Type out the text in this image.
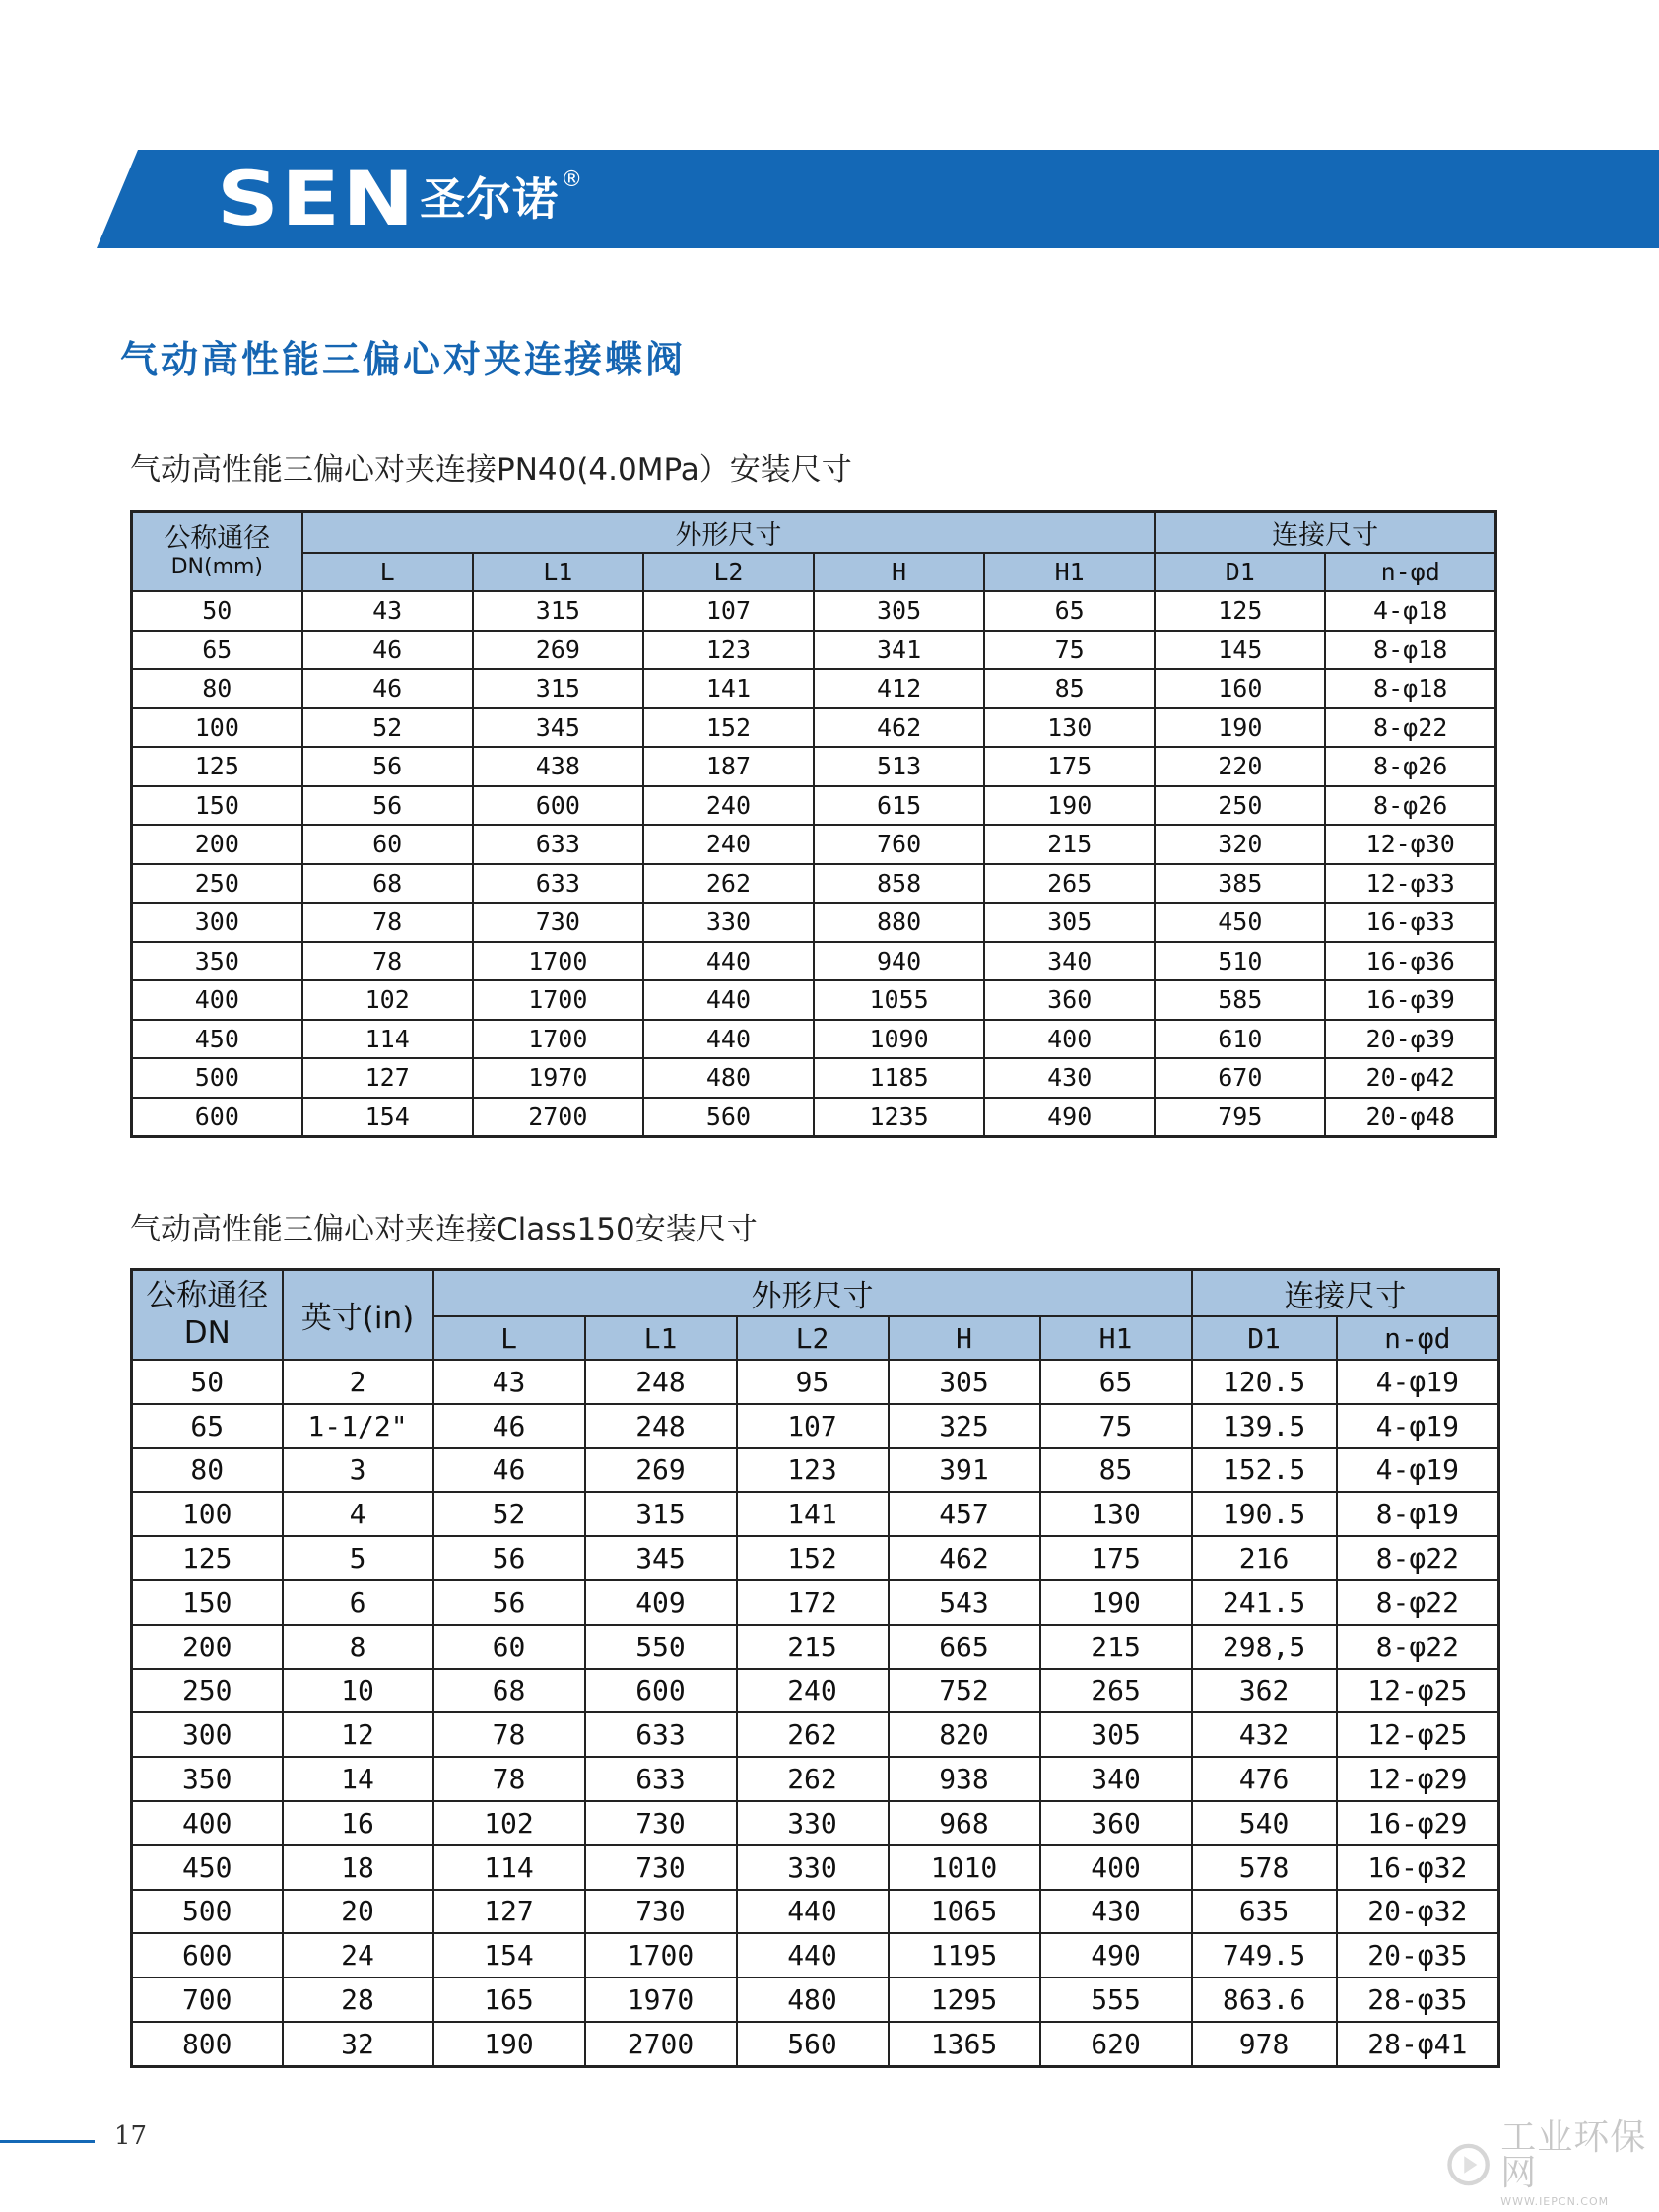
SEN 圣尔诺 ®
气动高性能三偏心对夹连接蝶阀

气动高性能三偏心对夹连接PN40(4.0MPa）安装尺寸

公称通径
DN(mm)	外形尺寸					连接尺寸	
	L	L1	L2	H	H1	D1	n-φd
50	43	315	107	305	65	125	4-φ18
65	46	269	123	341	75	145	8-φ18
80	46	315	141	412	85	160	8-φ18
100	52	345	152	462	130	190	8-φ22
125	56	438	187	513	175	220	8-φ26
150	56	600	240	615	190	250	8-φ26
200	60	633	240	760	215	320	12-φ30
250	68	633	262	858	265	385	12-φ33
300	78	730	330	880	305	450	16-φ33
350	78	1700	440	940	340	510	16-φ36
400	102	1700	440	1055	360	585	16-φ39
450	114	1700	440	1090	400	610	20-φ39
500	127	1970	480	1185	430	670	20-φ42
600	154	2700	560	1235	490	795	20-φ48

气动高性能三偏心对夹连接Class150安装尺寸

公称通径
DN	英寸(in)	外形尺寸					连接尺寸	
		L	L1	L2	H	H1	D1	n-φd
50	2	43	248	95	305	65	120.5	4-φ19
65	1-1/2"	46	248	107	325	75	139.5	4-φ19
80	3	46	269	123	391	85	152.5	4-φ19
100	4	52	315	141	457	130	190.5	8-φ19
125	5	56	345	152	462	175	216	8-φ22
150	6	56	409	172	543	190	241.5	8-φ22
200	8	60	550	215	665	215	298,5	8-φ22
250	10	68	600	240	752	265	362	12-φ25
300	12	78	633	262	820	305	432	12-φ25
350	14	78	633	262	938	340	476	12-φ29
400	16	102	730	330	968	360	540	16-φ29
450	18	114	730	330	1010	400	578	16-φ32
500	20	127	730	440	1065	430	635	20-φ32
600	24	154	1700	440	1195	490	749.5	20-φ35
700	28	165	1970	480	1295	555	863.6	28-φ35
800	32	190	2700	560	1365	620	978	28-φ41
17	工业环保网
WWW.IEPCN.COM
